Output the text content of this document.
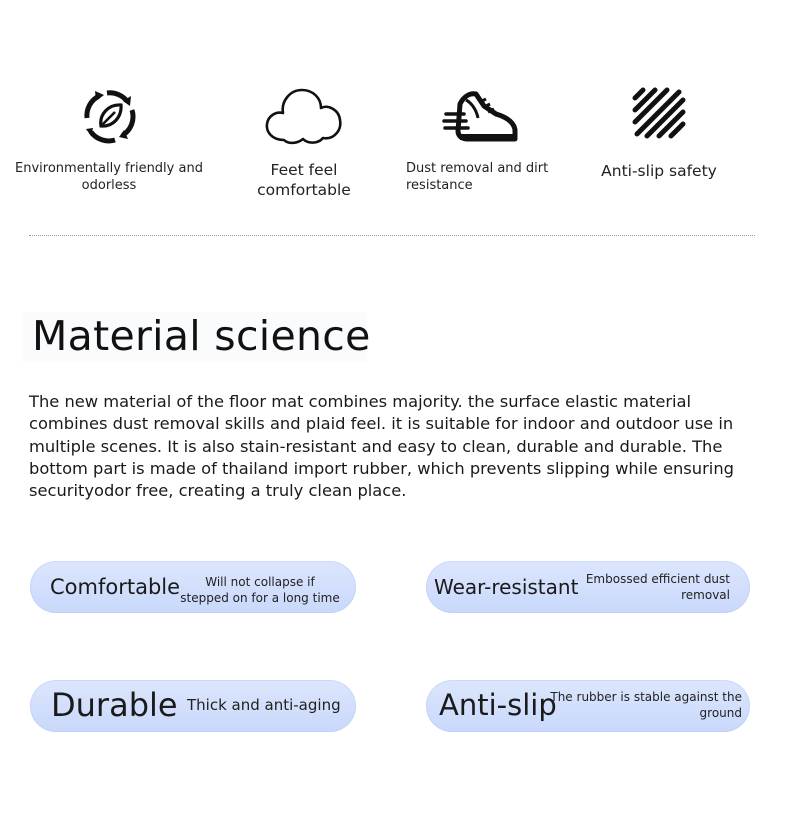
Environmentally friendly and odorless
Feet feel comfortable
Dust removal and dirt resistance
Anti-slip safety
Material science

The new material of the floor mat combines majority. the surface elastic material combines dust removal skills and plaid feel. it is suitable for indoor and outdoor use in multiple scenes. It is also stain-resistant and easy to clean, durable and durable. The bottom part is made of thailand import rubber, which prevents slipping while ensuring securityodor free, creating a truly clean place.

Comfortable	Will not collapse if stepped on for a long time	Wear-resistant Embossed efficient dust removal
Durable Thick and anti-aging	Anti-slip
The rubber is stable against the ground
